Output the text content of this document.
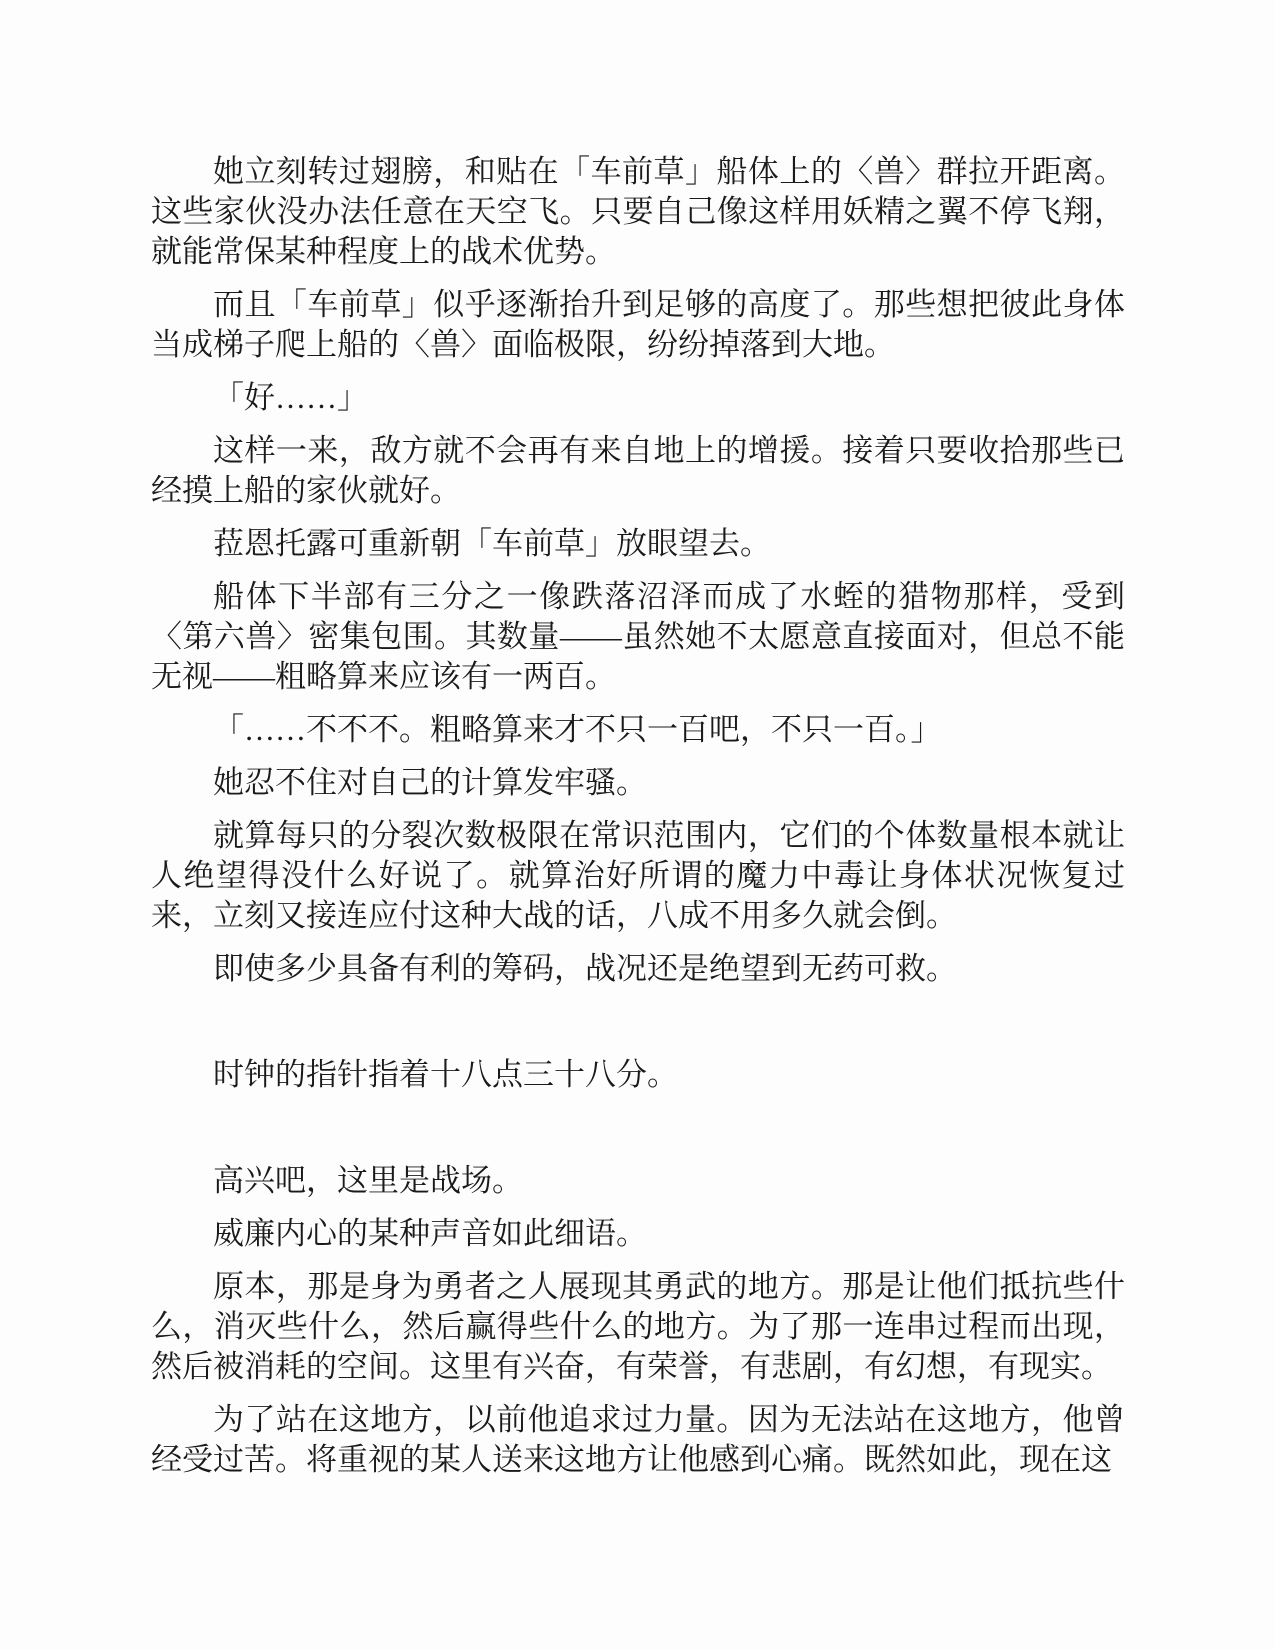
她立刻转过翅膀，和贴在「车前草」船体上的〈兽〉群拉开距离。这些家伙没办法任意在天空飞。只要自己像这样用妖精之翼不停飞翔，就能常保某种程度上的战术优势。

而且「车前草」似乎逐渐抬升到足够的高度了。那些想把彼此身体当成梯子爬上船的〈兽〉面临极限，纷纷掉落到大地。

「好……」

这样一来，敌方就不会再有来自地上的增援。接着只要收拾那些已经摸上船的家伙就好。

菈恩托露可重新朝「车前草」放眼望去。

船体下半部有三分之一像跌落沼泽而成了水蛭的猎物那样，受到〈第六兽〉密集包围。其数量——虽然她不太愿意直接面对，但总不能无视——粗略算来应该有一两百。

「……不不不。粗略算来才不只一百吧，不只一百。」

她忍不住对自己的计算发牢骚。

就算每只的分裂次数极限在常识范围内，它们的个体数量根本就让人绝望得没什么好说了。就算治好所谓的魔力中毒让身体状况恢复过来，立刻又接连应付这种大战的话，八成不用多久就会倒。

即使多少具备有利的筹码，战况还是绝望到无药可救。

时钟的指针指着十八点三十八分。

高兴吧，这里是战场。

威廉内心的某种声音如此细语。

原本，那是身为勇者之人展现其勇武的地方。那是让他们抵抗些什么，消灭些什么，然后赢得些什么的地方。为了那一连串过程而出现，然后被消耗的空间。这里有兴奋，有荣誉，有悲剧，有幻想，有现实。

为了站在这地方，以前他追求过力量。因为无法站在这地方，他曾经受过苦。将重视的某人送来这地方让他感到心痛。既然如此，现在这
